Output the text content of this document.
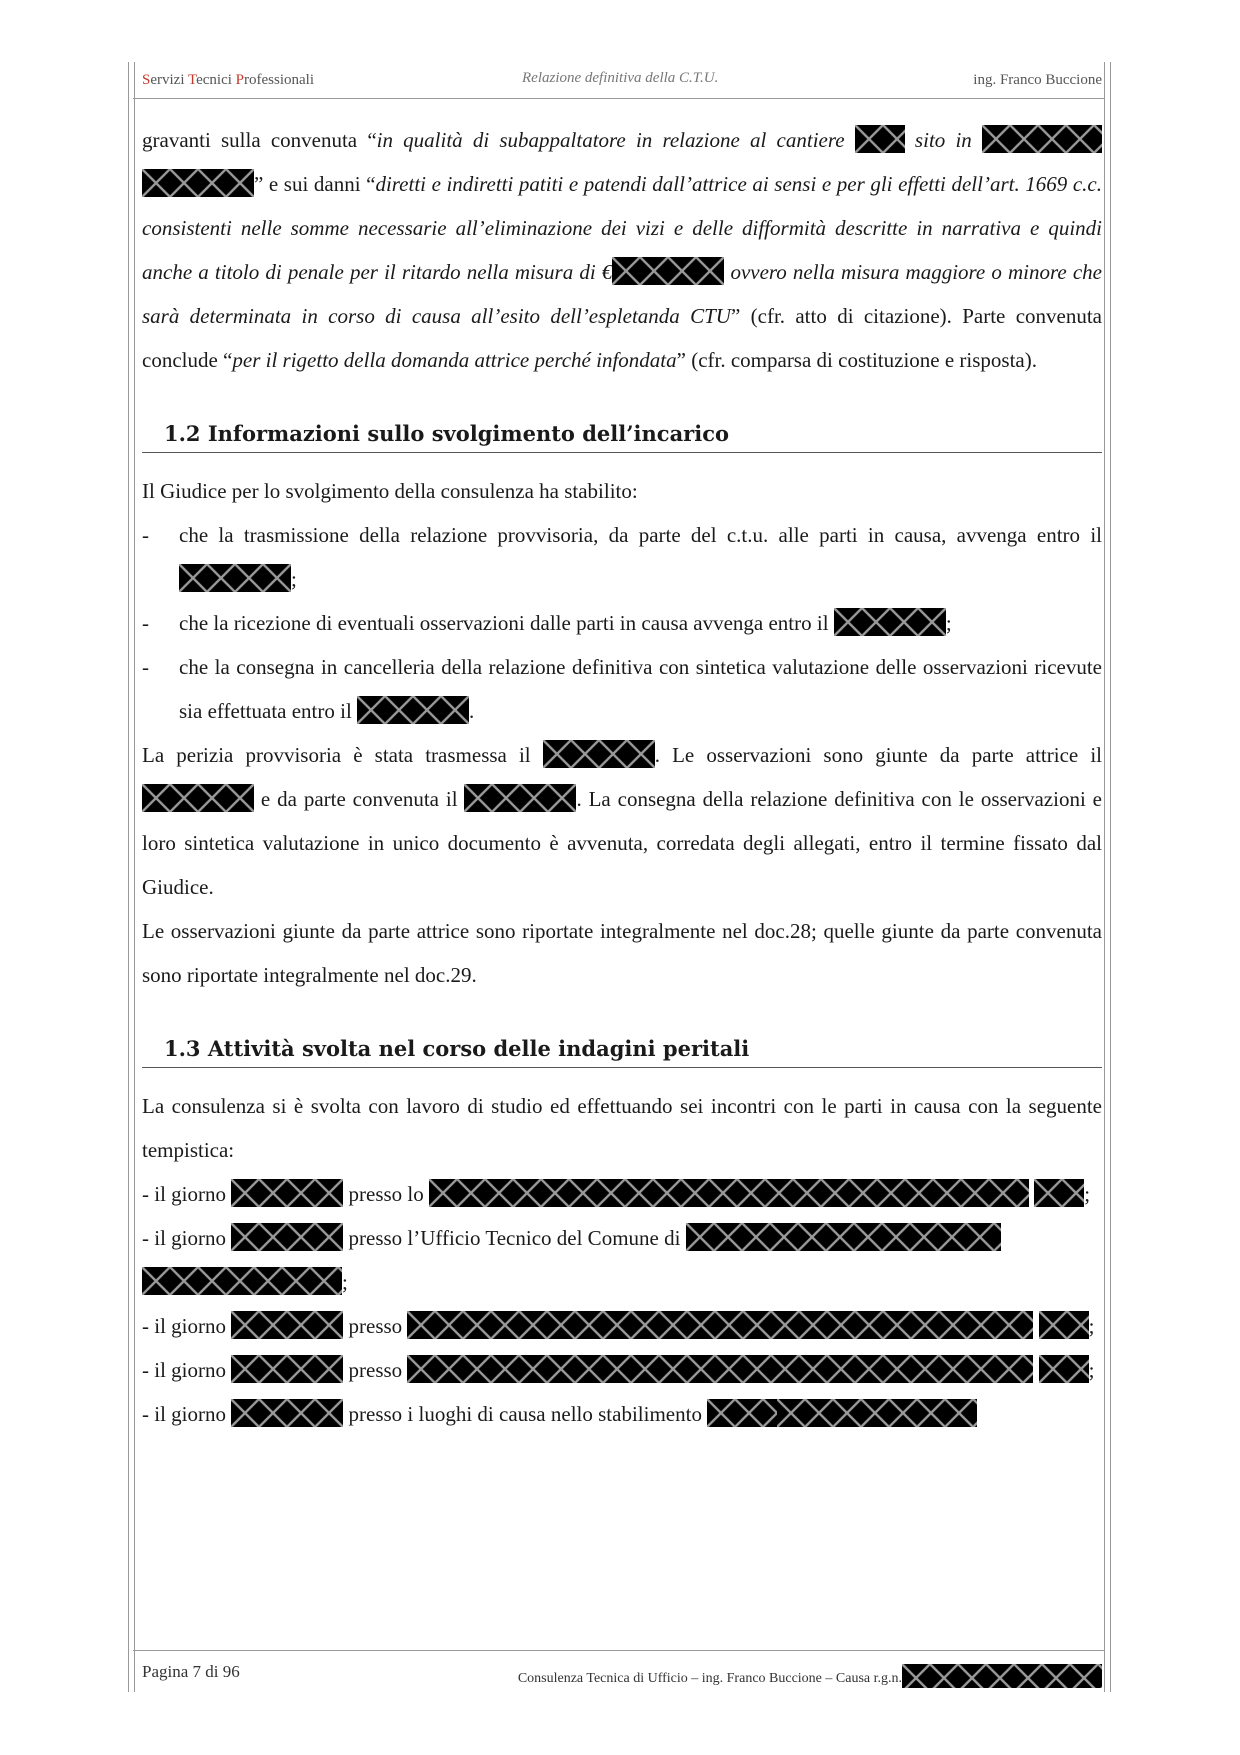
Servizi Tecnici Professionali	Relazione definitiva della C.T.U.	ing. Franco Buccione

gravanti sulla convenuta “in qualità di subappaltatore in relazione al cantiere	sito in  ” e sui danni “diretti e indiretti patiti e patendi dall’attrice ai sensi e per gli effetti dell’art. 1669 c.c. consistenti nelle somme necessarie all’eliminazione dei vizi e delle difformità descritte in narrativa e quindi anche a titolo di penale per il ritardo nella misura di €	ovvero nella misura maggiore o minore che sarà determinata in corso di causa all’esito dell’espletanda CTU” (cfr. atto di citazione). Parte convenuta conclude “per il rigetto della domanda attrice perché infondata” (cfr. comparsa di costituzione e risposta).

1.2 Informazioni sullo svolgimento dell’incarico

Il Giudice per lo svolgimento della consulenza ha stabilito:

- che la trasmissione della relazione provvisoria, da parte del c.t.u. alle parti in causa, avvenga entro il ;
- che la ricezione di eventuali osservazioni dalle parti in causa avvenga entro il	;
- che la consegna in cancelleria della relazione definitiva con sintetica valutazione delle osservazioni ricevute sia effettuata entro il	.

La perizia provvisoria è stata trasmessa il	. Le osservazioni sono giunte da parte attrice il  e da parte convenuta il	. La consegna della relazione definitiva con le osservazioni e loro sintetica valutazione in unico documento è avvenuta, corredata degli allegati, entro il termine fissato dal Giudice.

Le osservazioni giunte da parte attrice sono riportate integralmente nel doc.28; quelle giunte da parte convenuta sono riportate integralmente nel doc.29.

1.3 Attività svolta nel corso delle indagini peritali

La consulenza si è svolta con lavoro di studio ed effettuando sei incontri con le parti in causa con la seguente tempistica:

- il giorno	presso lo	;

- il giorno	presso l’Ufficio Tecnico del Comune di  ;

- il giorno	presso	;

- il giorno	presso	;

- il giorno	presso i luoghi di causa nello stabilimento

Pagina 7 di 96	Consulenza Tecnica di Ufficio – ing. Franco Buccione – Causa r.g.n.
